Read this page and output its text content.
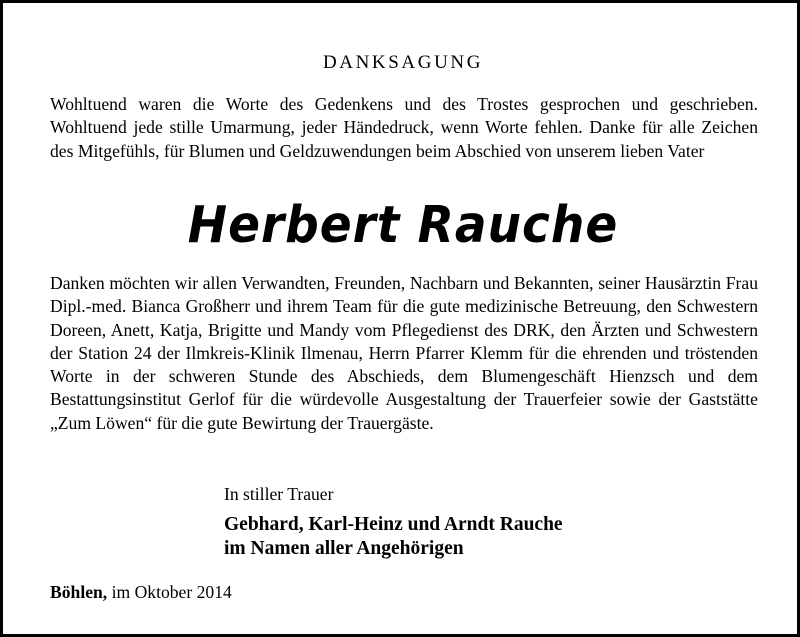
DANKSAGUNG
Wohltuend waren die Worte des Gedenkens und des Trostes gesprochen und geschrieben. Wohltuend jede stille Umarmung, jeder Händedruck, wenn Worte fehlen. Danke für alle Zeichen des Mitgefühls, für Blumen und Geldzuwendungen beim Abschied von unserem lieben Vater
Herbert Rauche
Danken möchten wir allen Verwandten, Freunden, Nachbarn und Bekannten, seiner Hausärztin Frau Dipl.-med. Bianca Großherr und ihrem Team für die gute medizinische Betreuung, den Schwestern Doreen, Anett, Katja, Brigitte und Mandy vom Pflegedienst des DRK, den Ärzten und Schwestern der Station 24 der Ilmkreis-Klinik Ilmenau, Herrn Pfarrer Klemm für die ehrenden und tröstenden Worte in der schweren Stunde des Abschieds, dem Blumengeschäft Hienzsch und dem Bestattungsinstitut Gerlof für die würdevolle Ausgestaltung der Trauerfeier sowie der Gaststätte „Zum Löwen“ für die gute Bewirtung der Trauergäste.
In stiller Trauer
Gebhard, Karl-Heinz und Arndt Rauche
im Namen aller Angehörigen
Böhlen, im Oktober 2014
